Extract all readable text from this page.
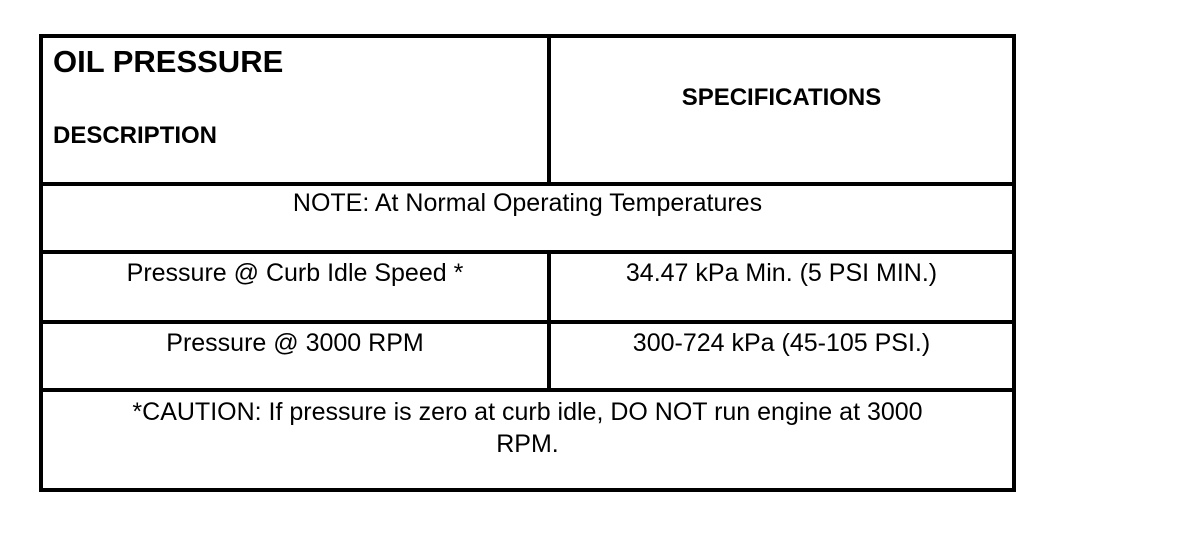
OIL PRESSURE
DESCRIPTION
SPECIFICATIONS
NOTE: At Normal Operating Temperatures
Pressure @ Curb Idle Speed *	34.47 kPa Min. (5 PSI MIN.)
Pressure @ 3000 RPM	300-724 kPa (45-105 PSI.)
*CAUTION: If pressure is zero at curb idle, DO NOT run engine at 3000
RPM.
